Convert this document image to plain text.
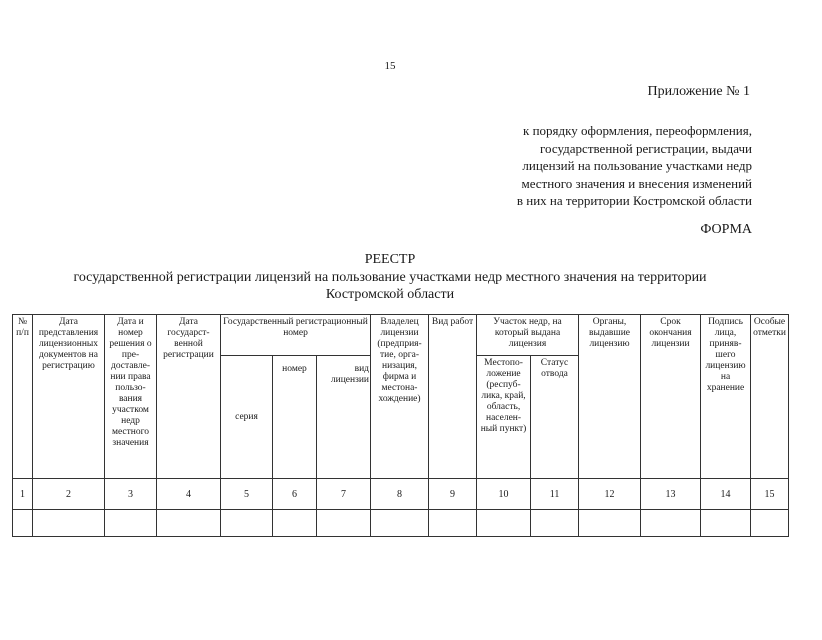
15
Приложение № 1
к порядку оформления, переоформления,
государственной регистрации, выдачи
лицензий на пользование участками недр
местного значения и внесения изменений
в них на территории Костромской области
ФОРМА
РЕЕСТР
государственной регистрации лицензий на пользование участками недр местного значения на территории
Костромской области
№ п/п	Дата представления лицензионных документов на регистрацию	Дата и номер решения о пре-доставле-нии права пользо-вания участком недр местного значения	Дата государст-венной регистрации	Государственный регистрационный номер			Владелец лицензии (предприя-тие, орга-низация, фирма и местона-хождение)	Вид работ	Участок недр, на который выдана лицензия		Органы, выдавшие лицензию	Срок окончания лицензии	Подпись лица, приняв-шего лицензию на хранение	Особые отметки
				серия	номер	вид лицензии			Местопо-ложение (респуб-лика, край, область, населен-ный пункт)	Статус отвода				
1	2	3	4	5	6	7	8	9	10	11	12	13	14	15
